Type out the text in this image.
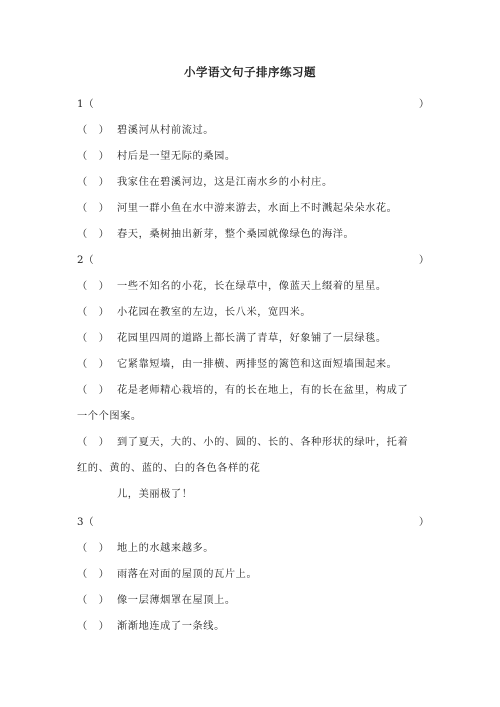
小学语文句子排序练习题
1（	）
（　） 碧溪河从村前流过。
（　） 村后是一望无际的桑园。
（　） 我家住在碧溪河边，这是江南水乡的小村庄。
（　） 河里一群小鱼在水中游来游去，水面上不时溅起朵朵水花。
（　） 春天，桑树抽出新芽，整个桑园就像绿色的海洋。
2（	）
（　） 一些不知名的小花，长在绿草中，像蓝天上缀着的星星。
（　） 小花园在教室的左边，长八米，宽四米。
（　） 花园里四周的道路上都长满了青草，好象铺了一层绿毯。
（　） 它紧靠短墙，由一排横、两排竖的篱笆和这面短墙围起来。
（　） 花是老师精心栽培的，有的长在地上，有的长在盆里，构成了
一个个图案。
（　） 到了夏天，大的、小的、圆的、长的、各种形状的绿叶，托着
红的、黄的、蓝的、白的各色各样的花
儿，美丽极了！
3（	）
（　） 地上的水越来越多。
（　） 雨落在对面的屋顶的瓦片上。
（　） 像一层薄烟罩在屋顶上。
（　） 渐渐地连成了一条线。
